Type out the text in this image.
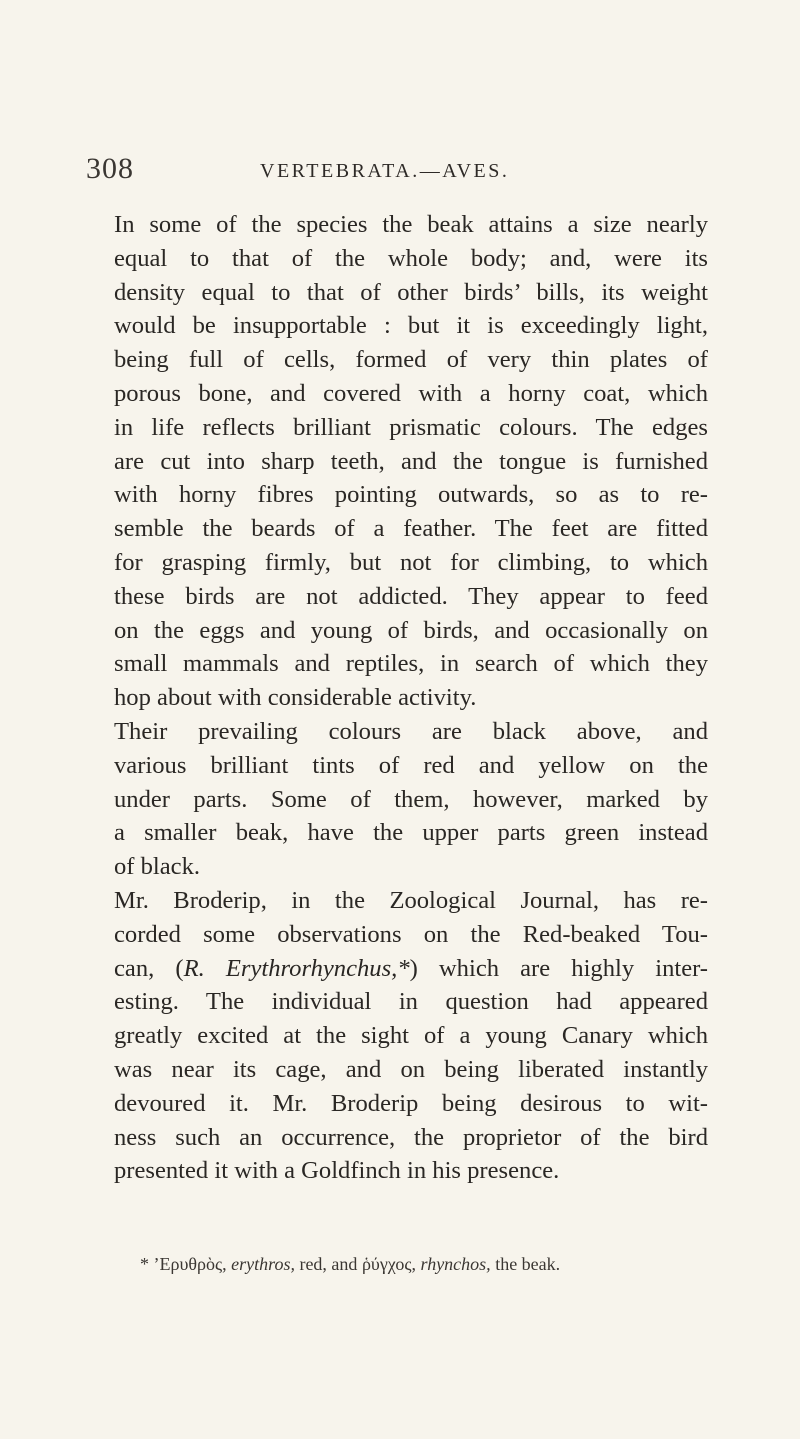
308	VERTEBRATA.—AVES.

In some of the species the beak attains a size nearly
equal to that of the whole body; and, were its
density equal to that of other birds’ bills, its weight
would be insupportable : but it is exceedingly light,
being full of cells, formed of very thin plates of
porous bone, and covered with a horny coat, which
in life reflects brilliant prismatic colours. The edges
are cut into sharp teeth, and the tongue is furnished
with horny fibres pointing outwards, so as to re-
semble the beards of a feather. The feet are fitted
for grasping firmly, but not for climbing, to which
these birds are not addicted. They appear to feed
on the eggs and young of birds, and occasionally on
small mammals and reptiles, in search of which they
hop about with considerable activity.

Their prevailing colours are black above, and
various brilliant tints of red and yellow on the
under parts. Some of them, however, marked by
a smaller beak, have the upper parts green instead
of black.

Mr. Broderip, in the Zoological Journal, has re-
corded some observations on the Red-beaked Tou-
can, (R. Erythrorhynchus,*) which are highly inter-
esting. The individual in question had appeared
greatly excited at the sight of a young Canary which
was near its cage, and on being liberated instantly
devoured it. Mr. Broderip being desirous to wit-
ness such an occurrence, the proprietor of the bird
presented it with a Goldfinch in his presence.

* ’Ερυθρὸς, erythros, red, and ῥύγχος, rhynchos, the beak.
